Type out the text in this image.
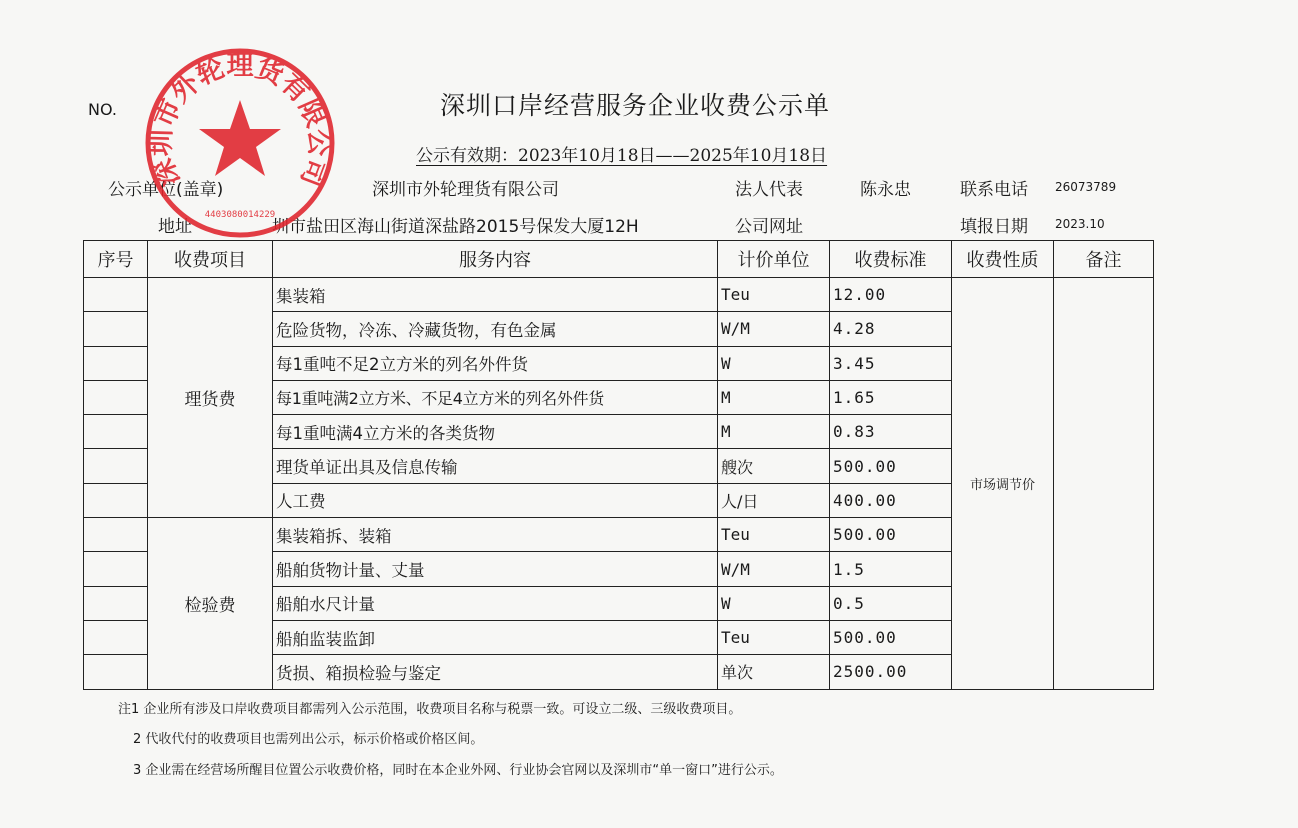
NO.	深圳口岸经营服务企业收费公示单
公示有效期：2023年10月18日——2025年10月18日
公示单位(盖章)	深圳市外轮理货有限公司	法人代表	陈永忠	联系电话 26073789
地址	圳市盐田区海山街道深盐路2015号保发大厦12H	公司网址	填报日期 2023.10
序号	收费项目	服务内容	计价单位	收费标准	收费性质	备注
	理货费	集装箱	Teu	12.00	市场调节价	
		危险货物，冷冻、冷藏货物，有色金属	W/M	4.28		
		每1重吨不足2立方米的列名外件货	W	3.45		
		每1重吨满2立方米、不足4立方米的列名外件货	M	1.65		
		每1重吨满4立方米的各类货物	M	0.83		
		理货单证出具及信息传输	艘次	500.00		
		人工费	人/日	400.00		
	检验费	集装箱拆、装箱	Teu	500.00		
		船舶货物计量、丈量	W/M	1.5		
		船舶水尺计量	W	0.5		
		船舶监装监卸	Teu	500.00		
		货损、箱损检验与鉴定	单次	2500.00		
注1 企业所有涉及口岸收费项目都需列入公示范围，收费项目名称与税票一致。可设立二级、三级收费项目。
2 代收代付的收费项目也需列出公示，标示价格或价格区间。
3 企业需在经营场所醒目位置公示收费价格，同时在本企业外网、行业协会官网以及深圳市“单一窗口”进行公示。
深圳市外轮理货有限公司
4403080014229
